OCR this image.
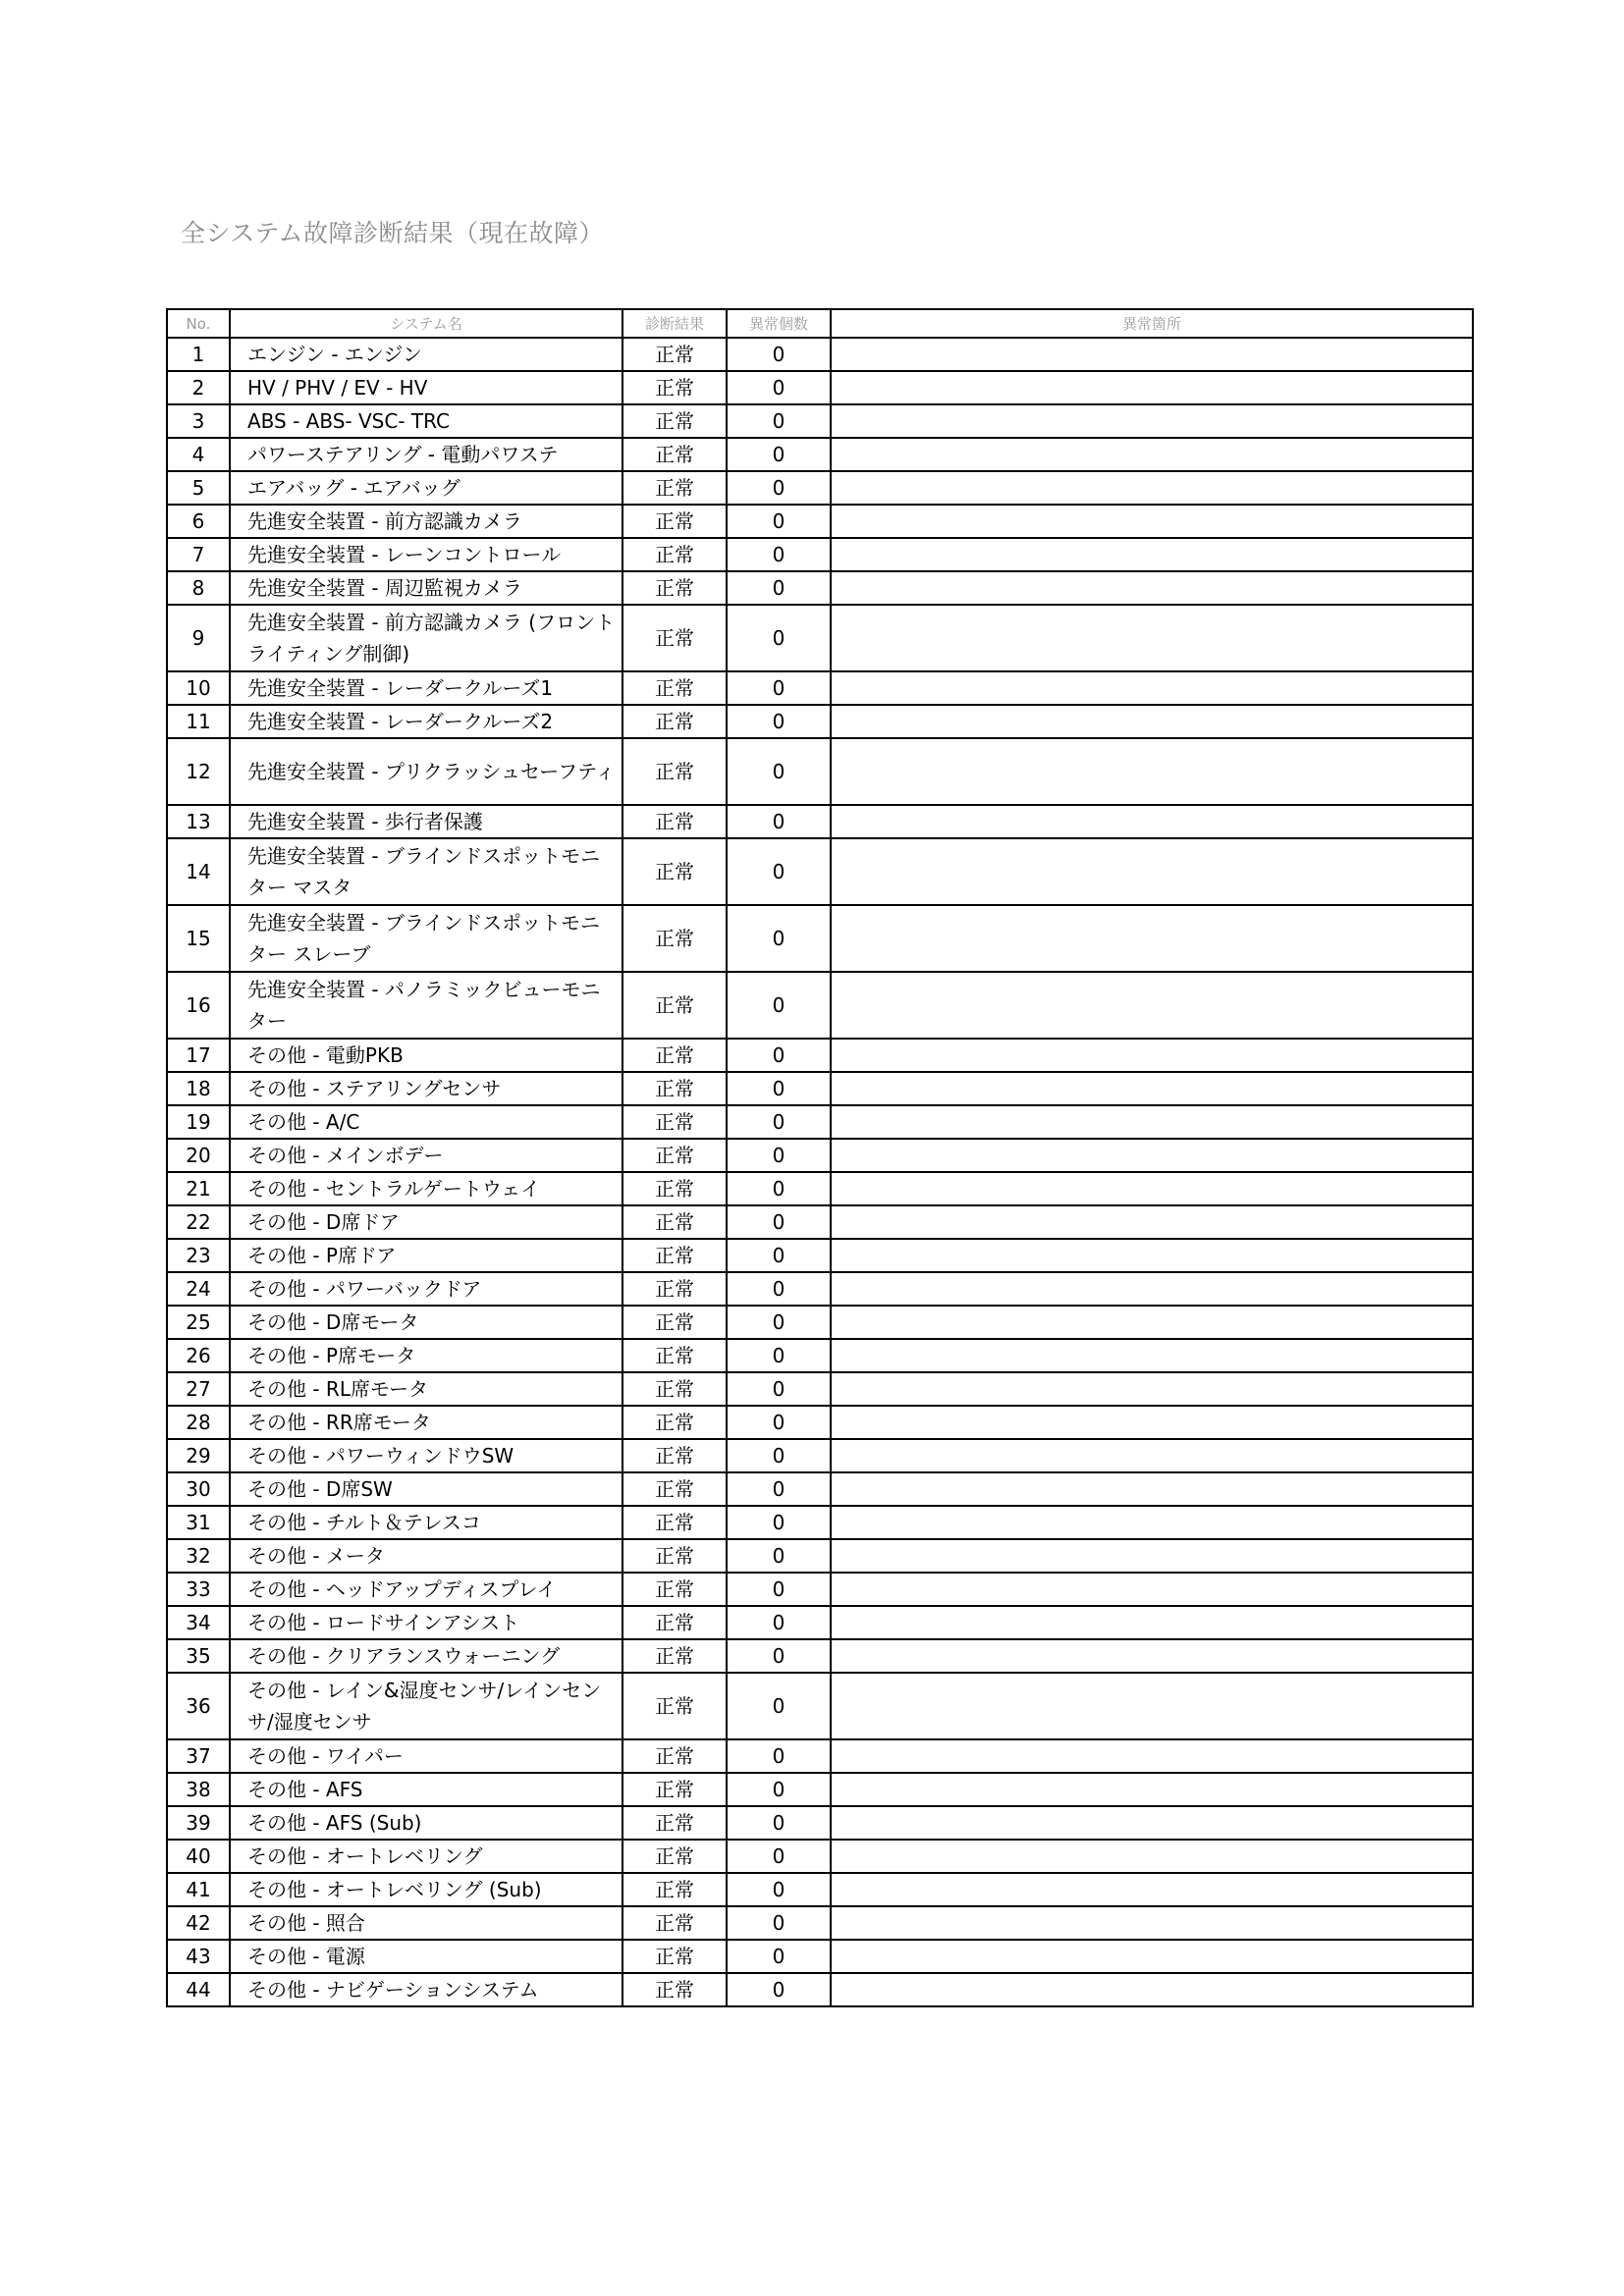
全システム故障診断結果（現在故障）
No.	システム名	診断結果	異常個数	異常箇所
1	エンジン - エンジン	正常	0	
2	HV / PHV / EV - HV	正常	0	
3	ABS - ABS- VSC- TRC	正常	0	
4	パワーステアリング - 電動パワステ	正常	0	
5	エアバッグ - エアバッグ	正常	0	
6	先進安全装置 - 前方認識カメラ	正常	0	
7	先進安全装置 - レーンコントロール	正常	0	
8	先進安全装置 - 周辺監視カメラ	正常	0	
9	先進安全装置 - 前方認識カメラ (フロントライティング制御)	正常	0	
10	先進安全装置 - レーダークルーズ1	正常	0	
11	先進安全装置 - レーダークルーズ2	正常	0	
12	先進安全装置 - プリクラッシュセーフティ	正常	0	
13	先進安全装置 - 歩行者保護	正常	0	
14	先進安全装置 - ブラインドスポットモニター マスタ	正常	0	
15	先進安全装置 - ブラインドスポットモニター スレーブ	正常	0	
16	先進安全装置 - パノラミックビューモニター	正常	0	
17	その他 - 電動PKB	正常	0	
18	その他 - ステアリングセンサ	正常	0	
19	その他 - A/C	正常	0	
20	その他 - メインボデー	正常	0	
21	その他 - セントラルゲートウェイ	正常	0	
22	その他 - D席ドア	正常	0	
23	その他 - P席ドア	正常	0	
24	その他 - パワーバックドア	正常	0	
25	その他 - D席モータ	正常	0	
26	その他 - P席モータ	正常	0	
27	その他 - RL席モータ	正常	0	
28	その他 - RR席モータ	正常	0	
29	その他 - パワーウィンドウSW	正常	0	
30	その他 - D席SW	正常	0	
31	その他 - チルト＆テレスコ	正常	0	
32	その他 - メータ	正常	0	
33	その他 - ヘッドアップディスプレイ	正常	0	
34	その他 - ロードサインアシスト	正常	0	
35	その他 - クリアランスウォーニング	正常	0	
36	その他 - レイン&湿度センサ/レインセンサ/湿度センサ	正常	0	
37	その他 - ワイパー	正常	0	
38	その他 - AFS	正常	0	
39	その他 - AFS (Sub)	正常	0	
40	その他 - オートレベリング	正常	0	
41	その他 - オートレベリング (Sub)	正常	0	
42	その他 - 照合	正常	0	
43	その他 - 電源	正常	0	
44	その他 - ナビゲーションシステム	正常	0	
